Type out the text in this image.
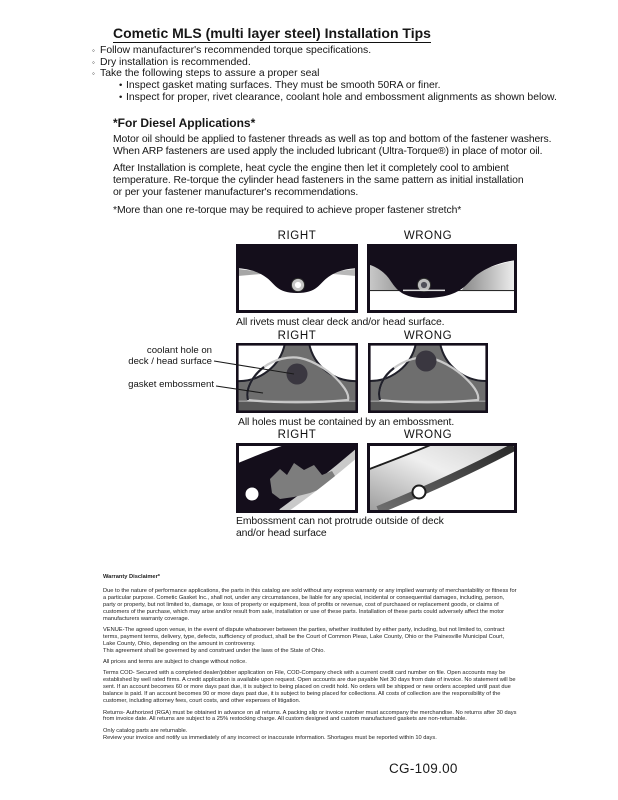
Cometic MLS (multi layer steel) Installation Tips
◦ Follow manufacturer's recommended torque specifications.
◦ Dry installation is recommended.
◦ Take the following steps to assure a proper seal
• Inspect gasket mating surfaces. They must be smooth 50RA or finer.
• Inspect for proper, rivet clearance, coolant hole and embossment alignments as shown below.
*For Diesel Applications*
Motor oil should be applied to fastener threads as well as top and bottom of the fastener washers.
When ARP fasteners are used apply the included lubricant (Ultra-Torque®) in place of motor oil.
After Installation is complete, heat cycle the engine then let it completely cool to ambient
temperature. Re-torque the cylinder head fasteners in the same pattern as initial installation
or per your fastener manufacturer's recommendations.
*More than one re-torque may be required to achieve proper fastener stretch*
RIGHT	WRONG
All rivets must clear deck and/or head surface.
RIGHT	WRONG
coolant hole on
deck / head surface
gasket embossment
All holes must be contained by an embossment.
RIGHT	WRONG
Embossment can not protrude outside of deck
and/or head surface
Warranty Disclaimer*

Due to the nature of performance applications, the parts in this catalog are sold without any express warranty or any implied warranty of merchantability or fitness for a particular purpose. Cometic Gasket Inc., shall not, under any circumstances, be liable for any special, incidental or consequential damages, including, person, party or property, but not limited to, damage, or loss of property or equipment, loss of profits or revenue, cost of purchased or replacement goods, or claims of customers of the purchase, which may arise and/or result from sale, installation or use of these parts. Installation of these parts could adversely affect the motor manufacturers warranty coverage.

VENUE-The agreed upon venue, in the event of dispute whatsoever between the parties, whether instituted by either party, including, but not limited to, contract terms, payment terms, delivery, type, defects, sufficiency of product, shall be the Court of Common Pleas, Lake County, Ohio or the Painesville Municipal Court, Lake County, Ohio, depending on the amount in controversy.

This agreement shall be governed by and construed under the laws of the State of Ohio.

All prices and terms are subject to change without notice.

Terms COD- Secured with a completed dealer/jobber application on File, COD-Company check with a current credit card number on file. Open accounts may be established by well rated firms. A credit application is available upon request. Open accounts are due payable Net 30 days from date of invoice. No statement will be sent. If an account becomes 60 or more days past due, it is subject to being placed on credit hold. No orders will be shipped or new orders accepted until past due balance is paid. If an account becomes 90 or more days past due, it is subject to being placed for collections. All costs of collection are the responsibility of the customer, including attorney fees, court costs, and other expenses of litigation.

Returns- Authorized (RGA) must be obtained in advance on all returns. A packing slip or invoice number must accompany the merchandise. No returns after 30 days from invoice date. All returns are subject to a 25% restocking charge. All custom designed and custom manufactured gaskets are non-returnable.

Only catalog parts are returnable.

Review your invoice and notify us immediately of any incorrect or inaccurate information. Shortages must be reported within 10 days.

CG-109.00
